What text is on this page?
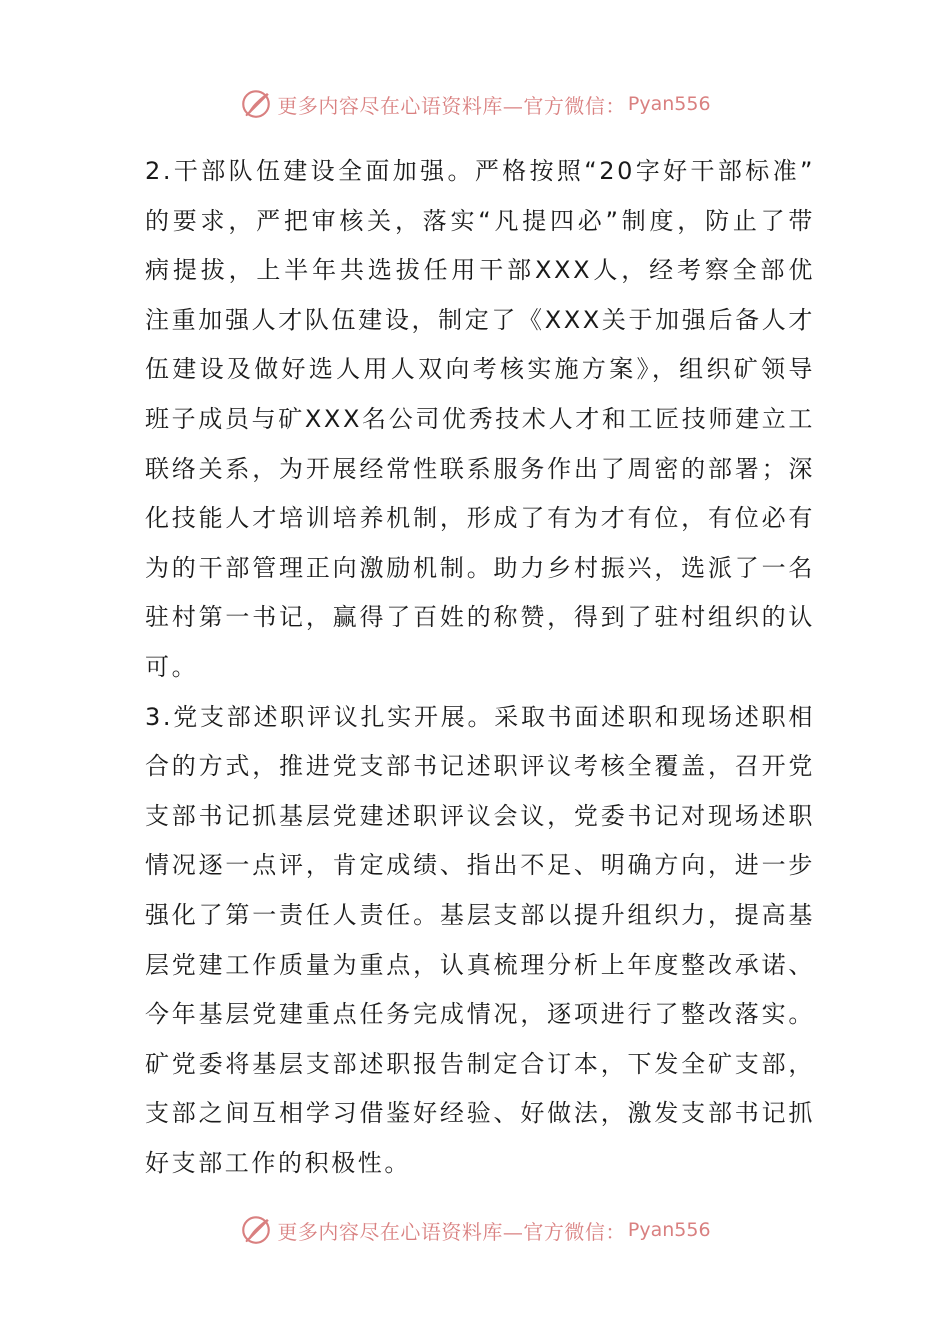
更多内容尽在心语资料库—官方微信： Pyan556
2.干部队伍建设全面加强。严格按照“20字好干部标准”
的要求，严把审核关，落实“凡提四必”制度，防止了带
病提拔，上半年共选拔任用干部XXX人，经考察全部优
注重加强人才队伍建设，制定了《XXX关于加强后备人才
伍建设及做好选人用人双向考核实施方案》，组织矿领导
班子成员与矿XXX名公司优秀技术人才和工匠技师建立工
联络关系，为开展经常性联系服务作出了周密的部署；深
化技能人才培训培养机制，形成了有为才有位，有位必有
为的干部管理正向激励机制。助力乡村振兴，选派了一名
驻村第一书记，赢得了百姓的称赞，得到了驻村组织的认
可。
3.党支部述职评议扎实开展。采取书面述职和现场述职相
合的方式，推进党支部书记述职评议考核全覆盖，召开党
支部书记抓基层党建述职评议会议，党委书记对现场述职
情况逐一点评，肯定成绩、指出不足、明确方向，进一步
强化了第一责任人责任。基层支部以提升组织力，提高基
层党建工作质量为重点，认真梳理分析上年度整改承诺、
今年基层党建重点任务完成情况，逐项进行了整改落实。
矿党委将基层支部述职报告制定合订本，下发全矿支部，
支部之间互相学习借鉴好经验、好做法，激发支部书记抓
好支部工作的积极性。
更多内容尽在心语资料库—官方微信： Pyan556
